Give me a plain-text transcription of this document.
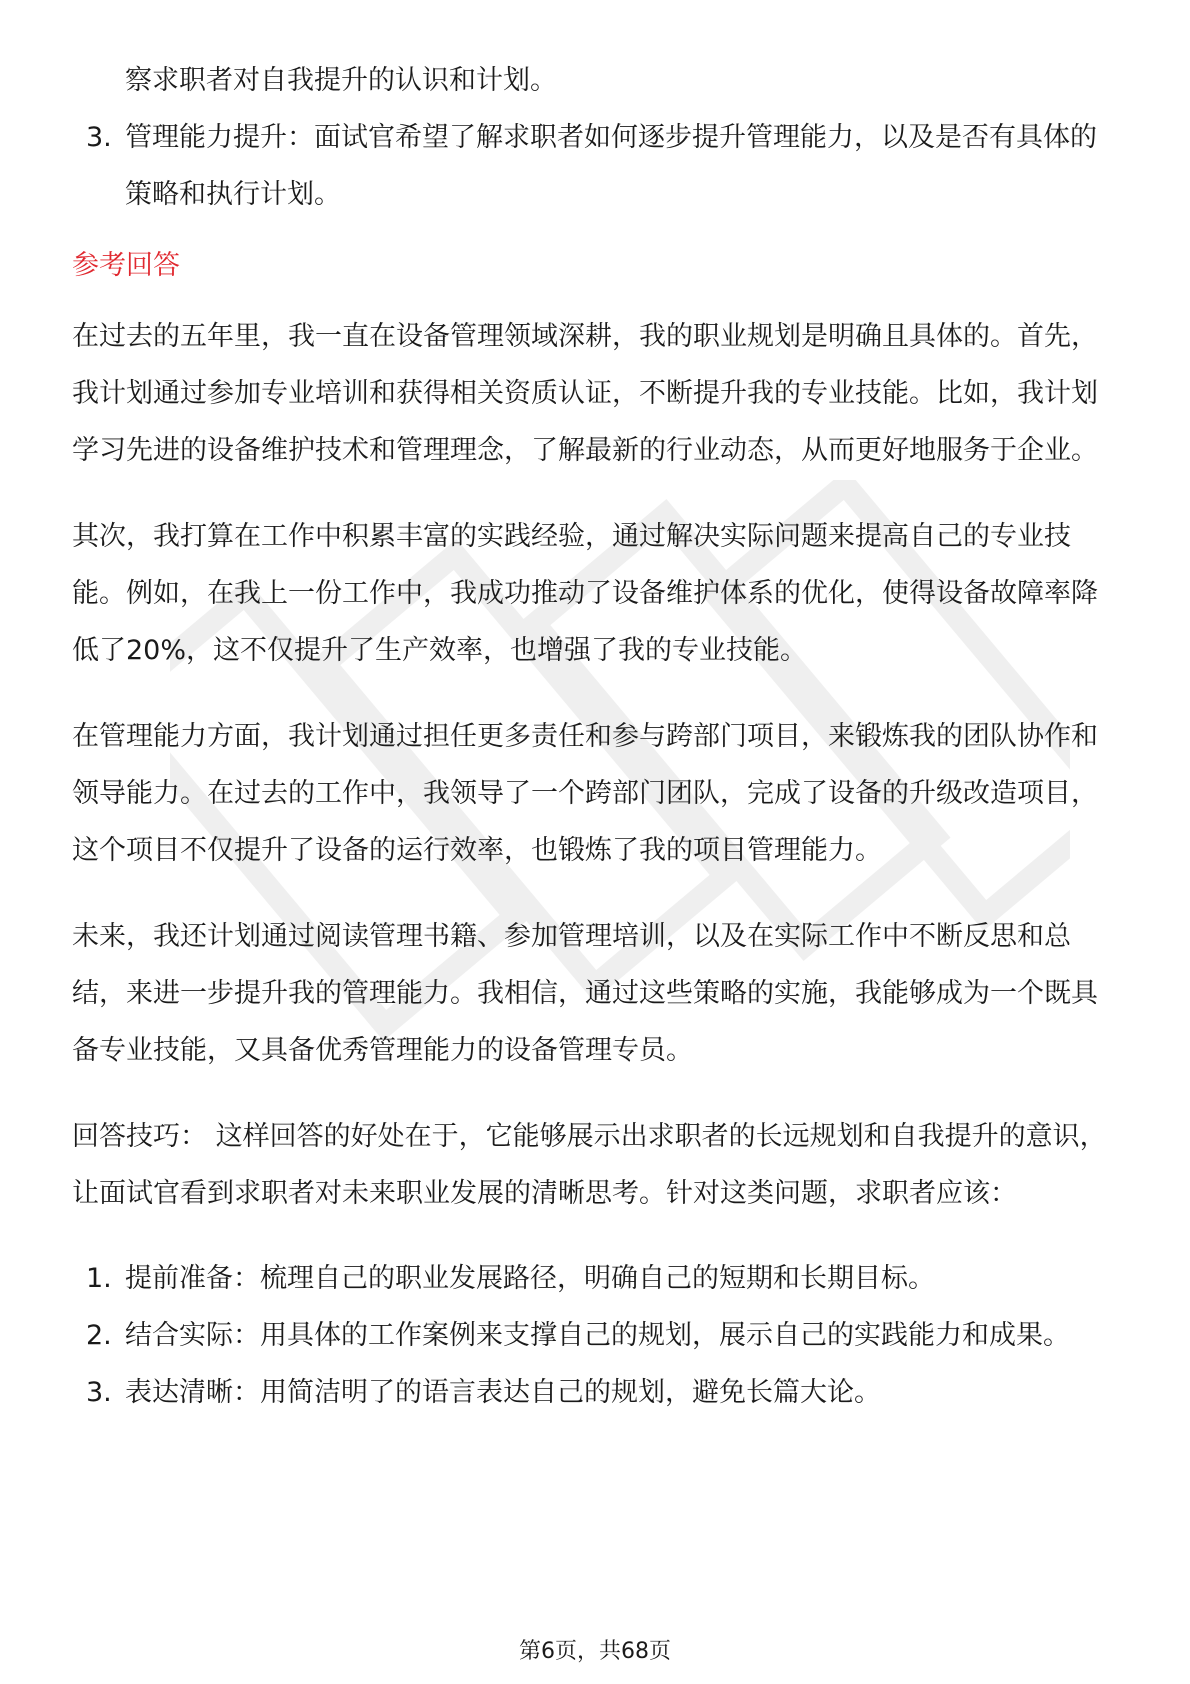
察求职者对自我提升的认识和计划。
3. 管理能力提升：面试官希望了解求职者如何逐步提升管理能力，以及是否有具体的策略和执行计划。
参考回答

在过去的五年里，我一直在设备管理领域深耕，我的职业规划是明确且具体的。首先，我计划通过参加专业培训和获得相关资质认证，不断提升我的专业技能。比如，我计划学习先进的设备维护技术和管理理念，了解最新的行业动态，从而更好地服务于企业。

其次，我打算在工作中积累丰富的实践经验，通过解决实际问题来提高自己的专业技能。例如，在我上一份工作中，我成功推动了设备维护体系的优化，使得设备故障率降低了20%，这不仅提升了生产效率，也增强了我的专业技能。

在管理能力方面，我计划通过担任更多责任和参与跨部门项目，来锻炼我的团队协作和领导能力。在过去的工作中，我领导了一个跨部门团队，完成了设备的升级改造项目，这个项目不仅提升了设备的运行效率，也锻炼了我的项目管理能力。

未来，我还计划通过阅读管理书籍、参加管理培训，以及在实际工作中不断反思和总结，来进一步提升我的管理能力。我相信，通过这些策略的实施，我能够成为一个既具备专业技能，又具备优秀管理能力的设备管理专员。

回答技巧： 这样回答的好处在于，它能够展示出求职者的长远规划和自我提升的意识，让面试官看到求职者对未来职业发展的清晰思考。针对这类问题，求职者应该：

1. 提前准备：梳理自己的职业发展路径，明确自己的短期和长期目标。
2. 结合实际：用具体的工作案例来支撑自己的规划，展示自己的实践能力和成果。
3. 表达清晰：用简洁明了的语言表达自己的规划，避免长篇大论。
第6页，共68页
